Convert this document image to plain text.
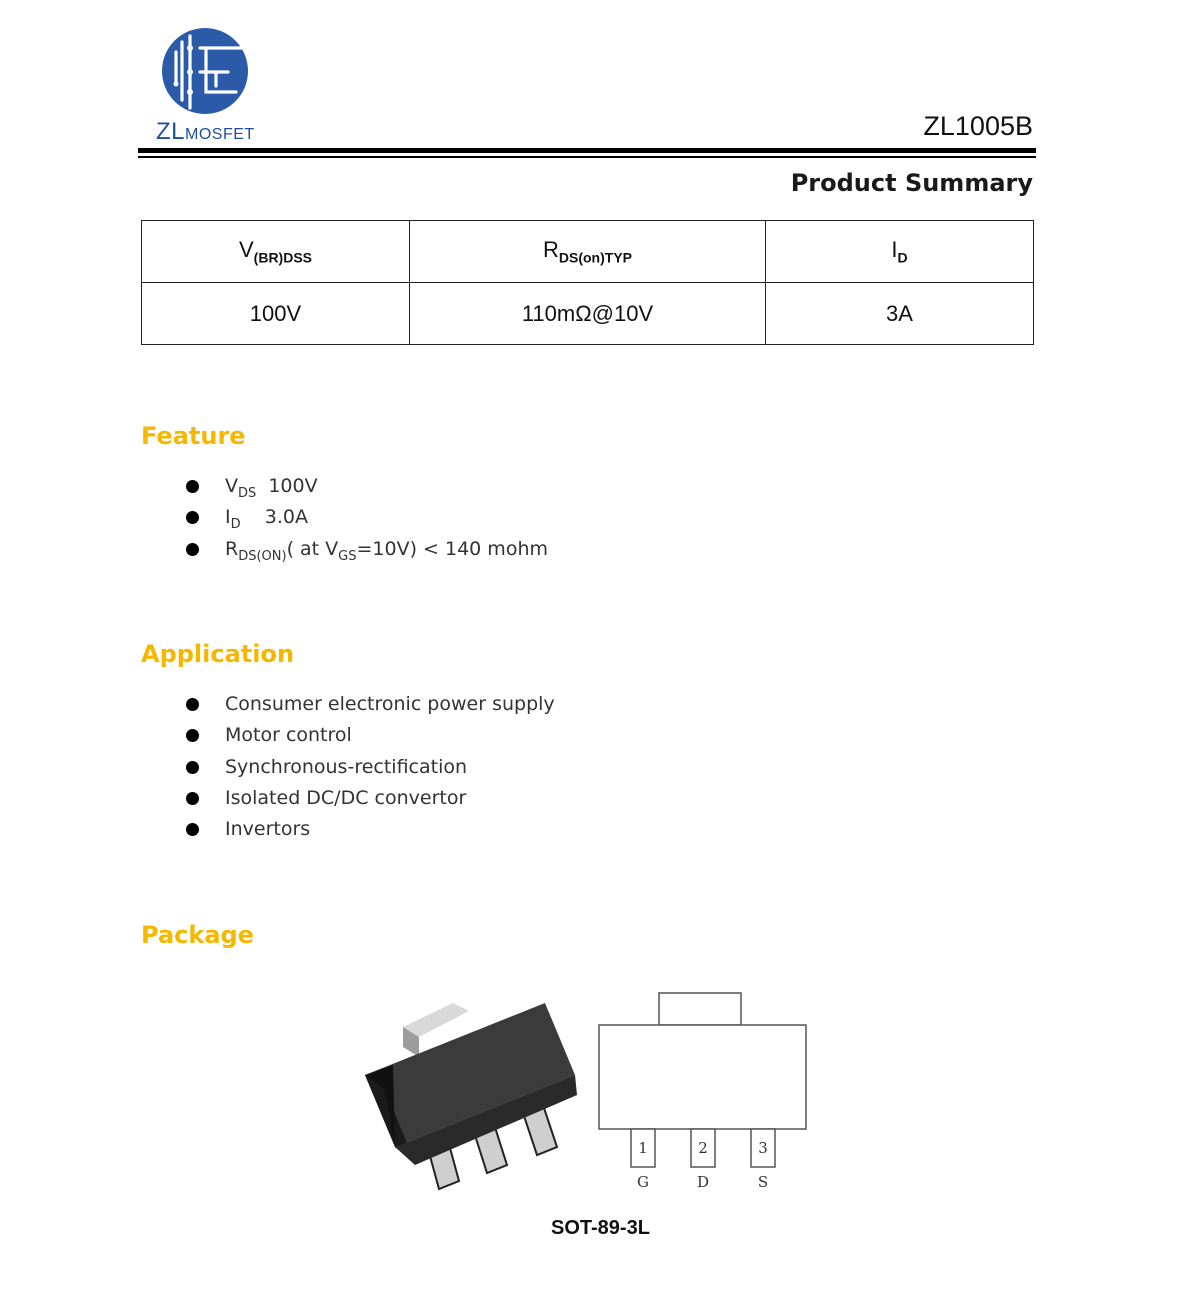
ZLMOSFET	ZL1005B
Product Summary
$V_{(BR)DSS}$	$R_{DS(on)TYP}$	$I_D$
100V	110mΩ@10V	3A
Feature
$V_{DS}$  100V
$I_D$    3.0A
$R_{DS(ON)}$( at $V_{GS}=10V) < 140$ mohm
Application
Consumer electronic power supply
Motor control
Synchronous-rectification
Isolated DC/DC convertor
Invertors
Package
1	2	3
G	D	S
SOT-89-3L
